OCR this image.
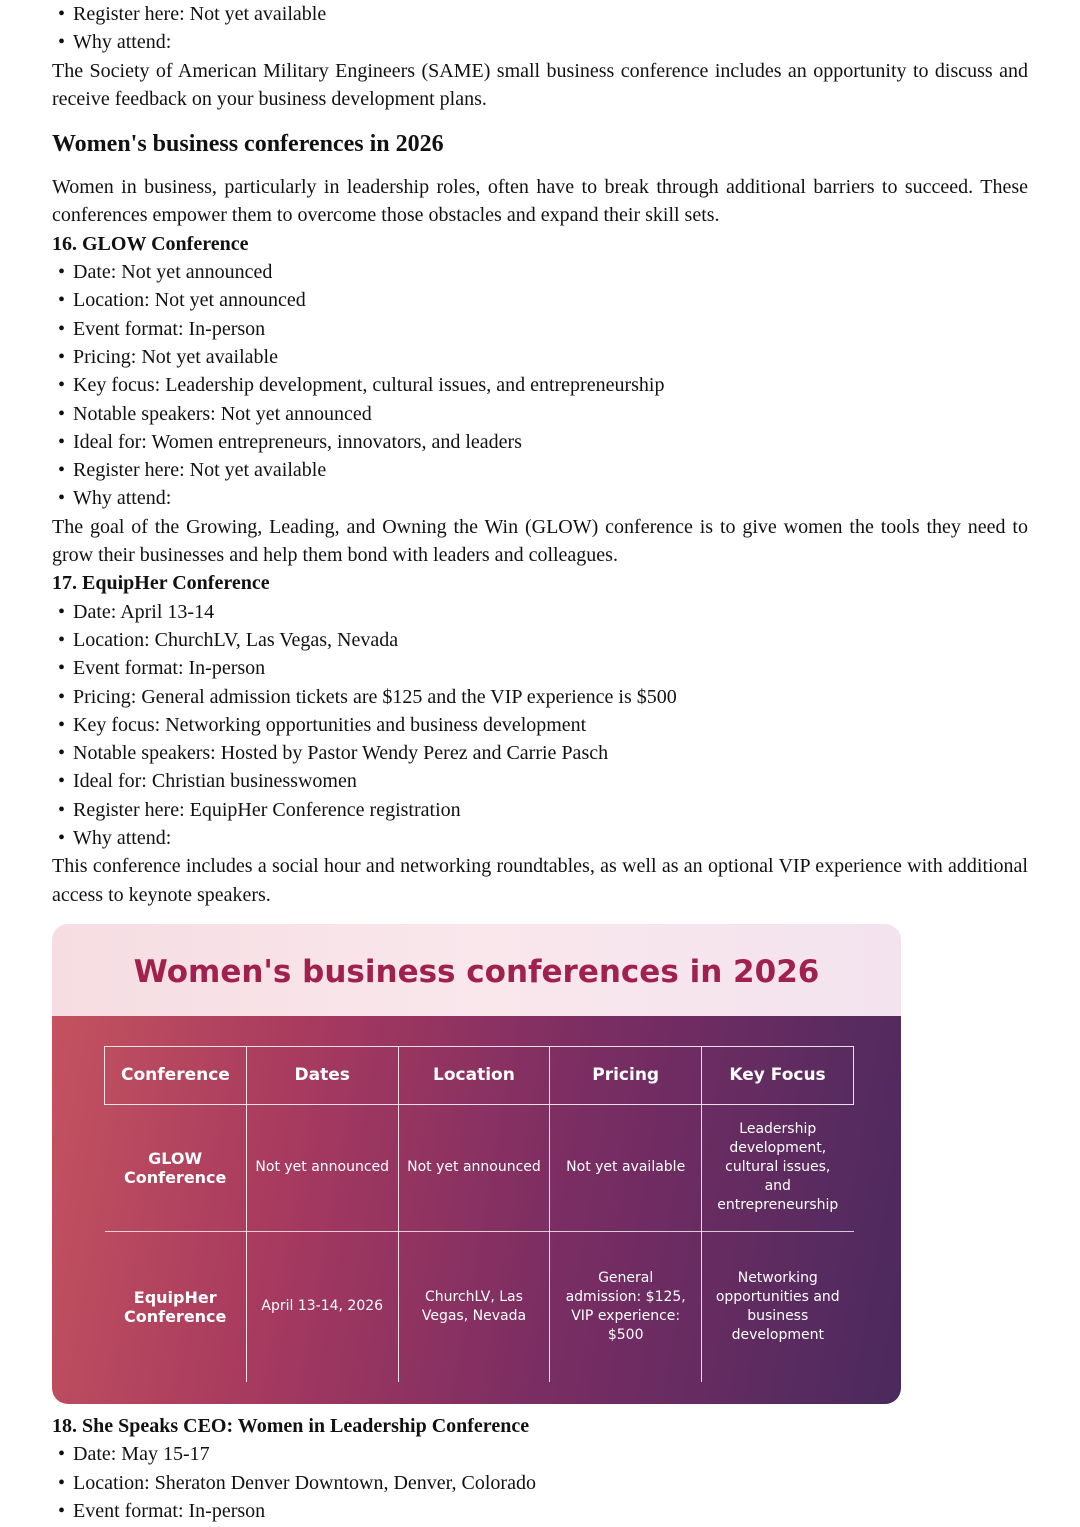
• Register here: Not yet available
• Why attend:
The Society of American Military Engineers (SAME) small business conference includes an opportunity to discuss and receive feedback on your business development plans.
Women's business conferences in 2026
Women in business, particularly in leadership roles, often have to break through additional barriers to succeed. These conferences empower them to overcome those obstacles and expand their skill sets.
16. GLOW Conference
• Date: Not yet announced
• Location: Not yet announced
• Event format: In-person
• Pricing: Not yet available
• Key focus: Leadership development, cultural issues, and entrepreneurship
• Notable speakers: Not yet announced
• Ideal for: Women entrepreneurs, innovators, and leaders
• Register here: Not yet available
• Why attend:
The goal of the Growing, Leading, and Owning the Win (GLOW) conference is to give women the tools they need to grow their businesses and help them bond with leaders and colleagues.
17. EquipHer Conference
• Date: April 13-14
• Location: ChurchLV, Las Vegas, Nevada
• Event format: In-person
• Pricing: General admission tickets are $125 and the VIP experience is $500
• Key focus: Networking opportunities and business development
• Notable speakers: Hosted by Pastor Wendy Perez and Carrie Pasch
• Ideal for: Christian businesswomen
• Register here: EquipHer Conference registration
• Why attend:
This conference includes a social hour and networking roundtables, as well as an optional VIP experience with additional access to keynote speakers.
Women's business conferences in 2026
Conference	Dates	Location	Pricing	Key Focus
GLOW Conference	Not yet announced	Not yet announced	Not yet available	Leadership development, cultural issues, and entrepreneurship
EquipHer Conference	April 13-14, 2026	ChurchLV, Las Vegas, Nevada	General admission: $125, VIP experience: $500	Networking opportunities and business development
18. She Speaks CEO: Women in Leadership Conference
• Date: May 15-17
• Location: Sheraton Denver Downtown, Denver, Colorado
• Event format: In-person
